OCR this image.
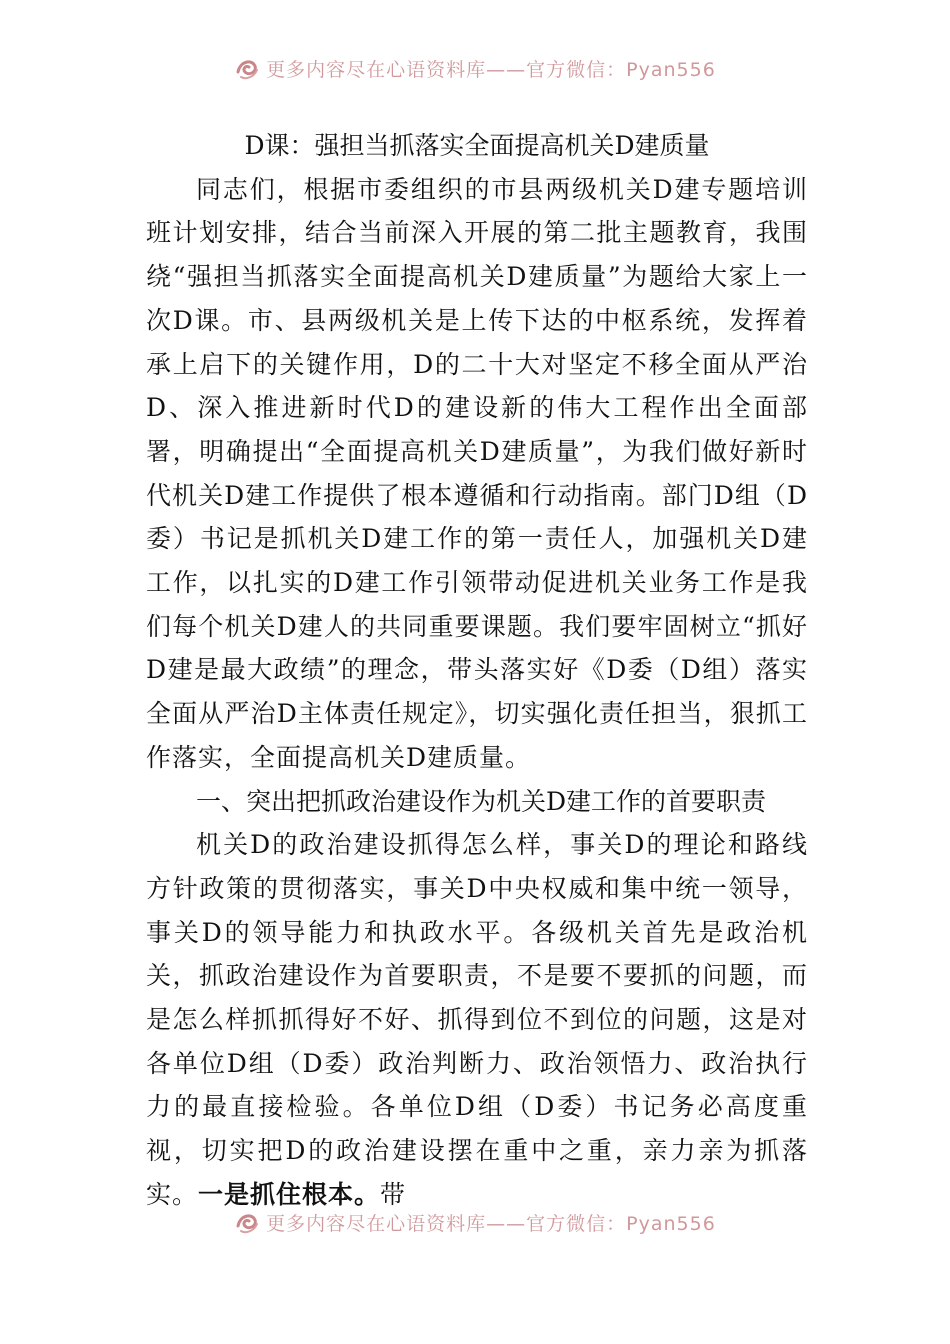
更多内容尽在心语资料库——官方微信：Pyan556

D课：强担当抓落实全面提高机关D建质量

同志们，根据市委组织的市县两级机关D建专题培训班计划安排，结合当前深入开展的第二批主题教育，我围绕“强担当抓落实全面提高机关D建质量”为题给大家上一次D课。市、县两级机关是上传下达的中枢系统，发挥着承上启下的关键作用，D的二十大对坚定不移全面从严治D、深入推进新时代D的建设新的伟大工程作出全面部署，明确提出“全面提高机关D建质量”，为我们做好新时代机关D建工作提供了根本遵循和行动指南。部门D组（D委）书记是抓机关D建工作的第一责任人，加强机关D建工作，以扎实的D建工作引领带动促进机关业务工作是我们每个机关D建人的共同重要课题。我们要牢固树立“抓好D建是最大政绩”的理念，带头落实好《D委（D组）落实全面从严治D主体责任规定》，切实强化责任担当，狠抓工作落实，全面提高机关D建质量。

一、突出把抓政治建设作为机关D建工作的首要职责

机关D的政治建设抓得怎么样，事关D的理论和路线方针政策的贯彻落实，事关D中央权威和集中统一领导，事关D的领导能力和执政水平。各级机关首先是政治机关，抓政治建设作为首要职责，不是要不要抓的问题，而是怎么样抓抓得好不好、抓得到位不到位的问题，这是对各单位D组（D委）政治判断力、政治领悟力、政治执行力的最直接检验。各单位D组（D委）书记务必高度重视，切实把D的政治建设摆在重中之重，亲力亲为抓落实。一是抓住根本。带

更多内容尽在心语资料库——官方微信：Pyan556
